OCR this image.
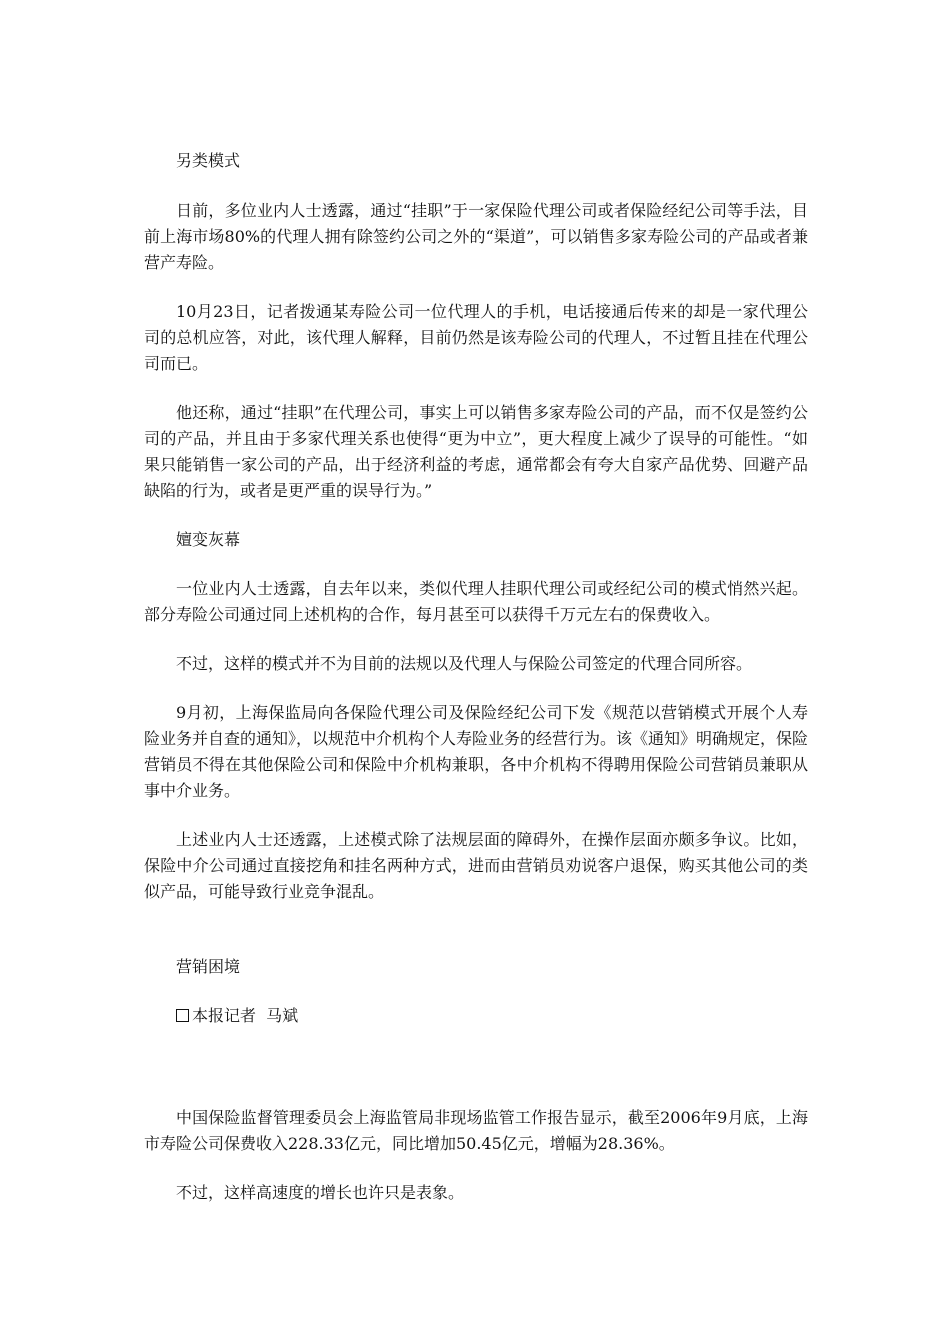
另类模式

日前，多位业内人士透露，通过“挂职”于一家保险代理公司或者保险经纪公司等手法，目前上海市场80%的代理人拥有除签约公司之外的“渠道”，可以销售多家寿险公司的产品或者兼营产寿险。

10月23日，记者拨通某寿险公司一位代理人的手机，电话接通后传来的却是一家代理公司的总机应答，对此，该代理人解释，目前仍然是该寿险公司的代理人，不过暂且挂在代理公司而已。

他还称，通过“挂职”在代理公司，事实上可以销售多家寿险公司的产品，而不仅是签约公司的产品，并且由于多家代理关系也使得“更为中立”，更大程度上减少了误导的可能性。“如果只能销售一家公司的产品，出于经济利益的考虑，通常都会有夸大自家产品优势、回避产品缺陷的行为，或者是更严重的误导行为。”

嬗变灰幕

一位业内人士透露，自去年以来，类似代理人挂职代理公司或经纪公司的模式悄然兴起。部分寿险公司通过同上述机构的合作，每月甚至可以获得千万元左右的保费收入。

不过，这样的模式并不为目前的法规以及代理人与保险公司签定的代理合同所容。

9月初，上海保监局向各保险代理公司及保险经纪公司下发《规范以营销模式开展个人寿险业务并自查的通知》，以规范中介机构个人寿险业务的经营行为。该《通知》明确规定，保险营销员不得在其他保险公司和保险中介机构兼职，各中介机构不得聘用保险公司营销员兼职从事中介业务。

上述业内人士还透露，上述模式除了法规层面的障碍外，在操作层面亦颇多争议。比如，保险中介公司通过直接挖角和挂名两种方式，进而由营销员劝说客户退保，购买其他公司的类似产品，可能导致行业竞争混乱。

营销困境

本报记者  马斌

中国保险监督管理委员会上海监管局非现场监管工作报告显示，截至2006年9月底，上海市寿险公司保费收入228.33亿元，同比增加50.45亿元，增幅为28.36%。

不过，这样高速度的增长也许只是表象。
